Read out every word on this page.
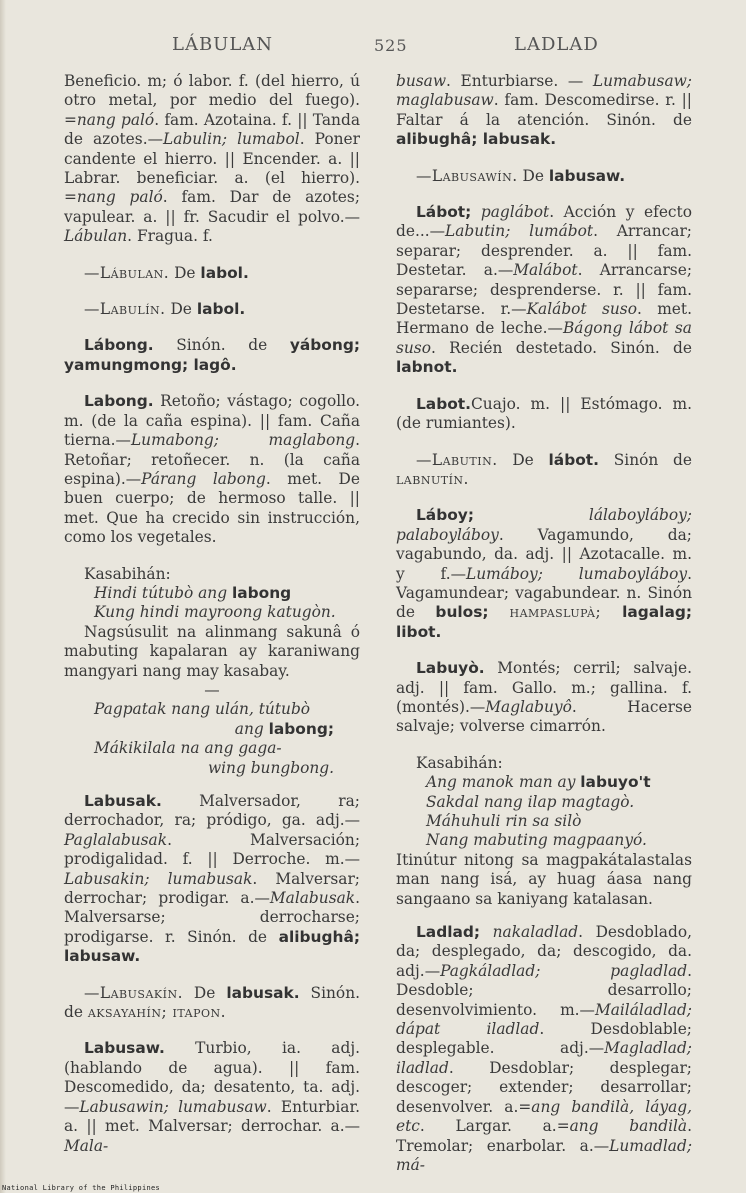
LÁBULAN	525	LADLAD

Beneficio. m; ó labor. f. (del hierro, ú otro metal, por medio del fuego). =nang paló. fam. Azotaina. f. || Tanda de azotes.—Labulin; lumabol. Poner candente el hierro. || Encender. a. || Labrar. beneficiar. a. (el hierro). =nang paló. fam. Dar de azotes; vapulear. a. || fr. Sacudir el polvo.—Lábulan. Fragua. f.

—Lábulan. De labol.

—Labulín. De labol.

Lábong. Sinón. de yábong; yamungmong; lagô.

Labong. Retoño; vástago; cogollo. m. (de la caña espina). || fam. Caña tierna.—Lumabong; maglabong. Retoñar; retoñecer. n. (la caña espina).—Párang labong. met. De buen cuerpo; de hermoso talle. || met. Que ha crecido sin instrucción, como los vegetales.

Kasabihán:
Hindi tútubò ang labong
Kung hindi mayroong katugòn.
Nagsúsulit na alinmang sakunâ ó mabuting kapalaran ay karaniwang mangyari nang may kasabay.
—
Pagpatak nang ulán, tútubò
ang labong;
Mákikilala na ang gaga-
wing bungbong.

Labusak. Malversador, ra; derrochador, ra; pródigo, ga. adj.—Paglalabusak. Malversación; prodigalidad. f. || Derroche. m.—Labusakin; lumabusak. Malversar; derrochar; prodigar. a.—Malabusak. Malversarse; derrocharse; prodigarse. r. Sinón. de alibughâ; labusaw.

—Labusakín. De labusak. Sinón. de aksayahín; itapon.

Labusaw. Turbio, ia. adj. (hablando de agua). || fam. Descomedido, da; desatento, ta. adj.—Labusawin; lumabusaw. Enturbiar. a. || met. Malversar; derrochar. a.—Mala-

busaw. Enturbiarse. — Lumabusaw; maglabusaw. fam. Descomedirse. r. || Faltar á la atención. Sinón. de alibughâ; labusak.

—Labusawín. De labusaw.

Lábot; paglábot. Acción y efecto de...—Labutin; lumábot. Arrancar; separar; desprender. a. || fam. Destetar. a.—Malábot. Arrancarse; separarse; desprenderse. r. || fam. Destetarse. r.—Kalábot suso. met. Hermano de leche.—Bágong lábot sa suso. Recién destetado. Sinón. de labnot.

Labot.Cuajo. m. || Estómago. m. (de rumiantes).

—Labutin. De lábot. Sinón de labnutín.

Láboy; lálaboyláboy; palaboyláboy. Vagamundo, da; vagabundo, da. adj. || Azotacalle. m. y f.—Lumáboy; lumaboyláboy. Vagamundear; vagabundear. n. Sinón de bulos; hampaslupà; lagalag; libot.

Labuyò. Montés; cerril; salvaje. adj. || fam. Gallo. m.; gallina. f. (montés).—Maglabuyô. Hacerse salvaje; volverse cimarrón.

Kasabihán:
Ang manok man ay labuyo't
Sakdal nang ilap magtagò.
Máhuhuli rin sa silò
Nang mabuting magpaanyó.
Itinútur nitong sa magpakátalastalas man nang isá, ay huag áasa nang sangaano sa kaniyang katalasan.

Ladlad; nakaladlad. Desdoblado, da; desplegado, da; descogido, da. adj.—Pagkáladlad; pagladlad. Desdoble; desarrollo; desenvolvimiento. m.—Mailáladlad; dápat iladlad. Desdoblable; desplegable. adj.—Magladlad; iladlad. Desdoblar; desplegar; descoger; extender; desarrollar; desenvolver. a.=ang bandilà, láyag, etc. Largar. a.=ang bandilà. Tremolar; enarbolar. a.—Lumadlad; má-

National Library of the Philippines
